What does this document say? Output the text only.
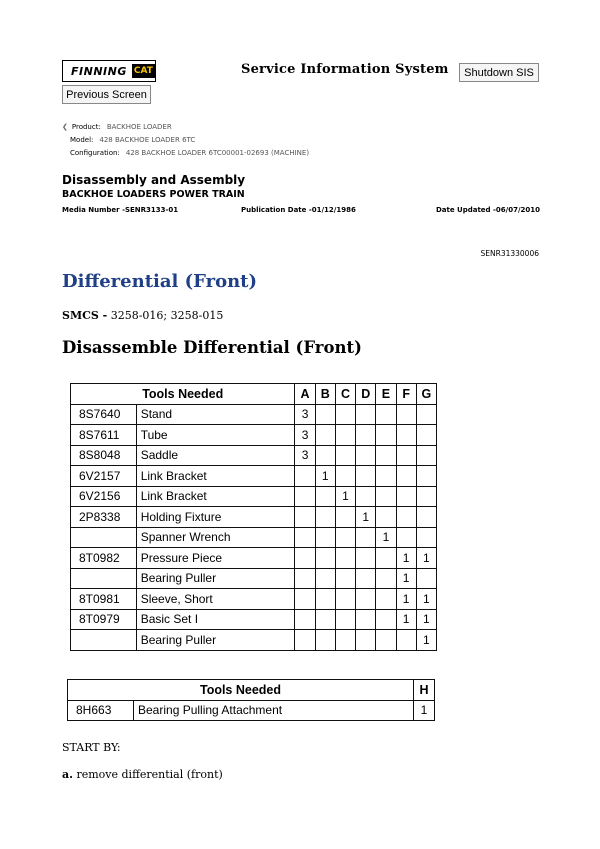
FINNING CAT	Service Information System	Shutdown SIS
Previous Screen
❮ Product: BACKHOE LOADER
Model: 428 BACKHOE LOADER 6TC
Configuration: 428 BACKHOE LOADER 6TC00001-02693 (MACHINE)
Disassembly and Assembly
BACKHOE LOADERS POWER TRAIN
Media Number -SENR3133-01	Publication Date -01/12/1986	Date Updated -06/07/2010
SENR31330006
Differential (Front)
SMCS - 3258-016; 3258-015
Disassemble Differential (Front)
Tools Needed		A	B	C	D	E	F	G
8S7640	Stand	3						
8S7611	Tube	3						
8S8048	Saddle	3						
6V2157	Link Bracket		1					
6V2156	Link Bracket			1				
2P8338	Holding Fixture				1			
	Spanner Wrench					1		
8T0982	Pressure Piece						1	1
	Bearing Puller						1	
8T0981	Sleeve, Short						1	1
8T0979	Basic Set I						1	1
	Bearing Puller							1
Tools Needed		H
8H663	Bearing Pulling Attachment	1
START BY:
a. remove differential (front)
